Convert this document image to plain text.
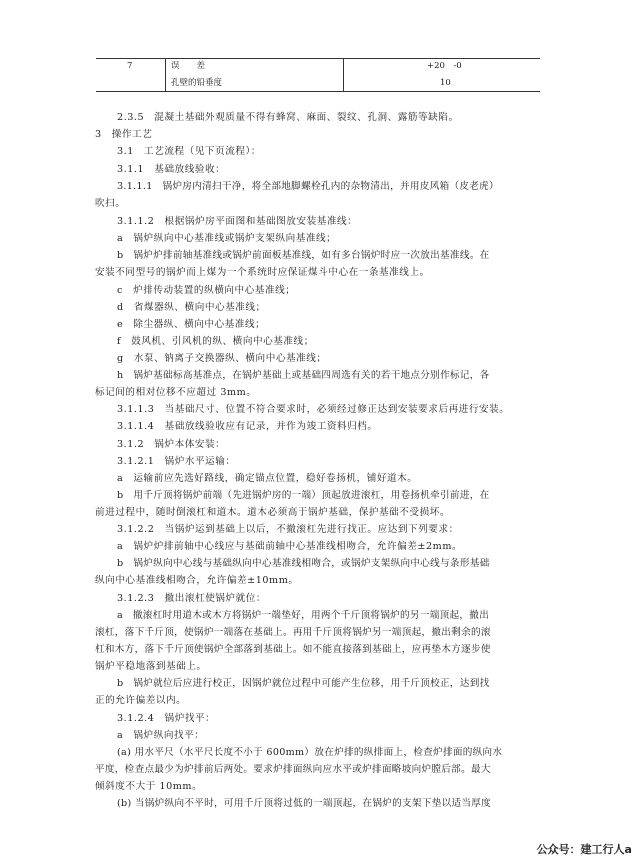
7	误　　差
孔壁的铅垂度
+20　-0
10
2.3.5　混凝土基础外观质量不得有蜂窝、麻面、裂纹、孔洞、露筋等缺陷。
3　操作工艺
3.1　工艺流程（见下页流程）：
3.1.1　基础放线验收：
3.1.1.1　锅炉房内清扫干净，将全部地脚螺栓孔内的杂物清出，并用皮风箱（皮老虎）
吹扫。
3.1.1.2　根据锅炉房平面图和基础图放安装基准线：
a　锅炉纵向中心基准线或锅炉支架纵向基准线；
b　锅炉炉排前轴基准线或锅炉前面板基准线，如有多台锅炉时应一次放出基准线。在
安装不同型号的锅炉而上煤为一个系统时应保证煤斗中心在一条基准线上。
c　炉排传动装置的纵横向中心基准线；
d　省煤器纵、横向中心基准线；
e　除尘器纵、横向中心基准线；
f　鼓风机、引风机的纵、横向中心基准线；
g　水泵、钠离子交换器纵、横向中心基准线；
h　锅炉基础标高基准点，在锅炉基础上或基础四周选有关的若干地点分别作标记，各
标记间的相对位移不应超过 3mm。
3.1.1.3　当基础尺寸、位置不符合要求时，必须经过修正达到安装要求后再进行安装。
3.1.1.4　基础放线验收应有记录，并作为竣工资料归档。
3.1.2　锅炉本体安装：
3.1.2.1　锅炉水平运输：
a　运输前应先选好路线，确定锚点位置，稳好卷扬机，铺好道木。
b　用千斤顶将锅炉前端（先进锅炉房的一端）顶起放进滚杠，用卷扬机牵引前进，在
前进过程中，随时倒滚杠和道木。道木必须高于锅炉基础，保护基础不受损坏。
3.1.2.2　当锅炉运到基础上以后，不撤滚杠先进行找正。应达到下列要求：
a　锅炉炉排前轴中心线应与基础前轴中心基准线相吻合，允许偏差±2mm。
b　锅炉纵向中心线与基础纵向中心基准线相吻合，或锅炉支架纵向中心线与条形基础
纵向中心基准线相吻合，允许偏差±10mm。
3.1.2.3　撤出滚杠使锅炉就位：
a　撤滚杠时用道木或木方将锅炉一端垫好，用两个千斤顶将锅炉的另一端顶起，撤出
滚杠，落下千斤顶，使锅炉一端落在基础上。再用千斤顶将锅炉另一端顶起，撤出剩余的滚
杠和木方，落下千斤顶使锅炉全部落到基础上。如不能直接落到基础上，应再垫木方逐步使
锅炉平稳地落到基础上。
b　锅炉就位后应进行校正，因锅炉就位过程中可能产生位移，用千斤顶校正，达到找
正的允许偏差以内。
3.1.2.4　锅炉找平：
a　锅炉纵向找平：
(a) 用水平尺（水平尺长度不小于 600mm）放在炉排的纵排面上，检查炉排面的纵向水
平度，检查点最少为炉排前后两处。要求炉排面纵向应水平或炉排面略坡向炉膛后部。最大
倾斜度不大于 10mm。
(b) 当锅炉纵向不平时，可用千斤顶将过低的一端顶起，在锅炉的支架下垫以适当厚度
公众号：建工行人a
